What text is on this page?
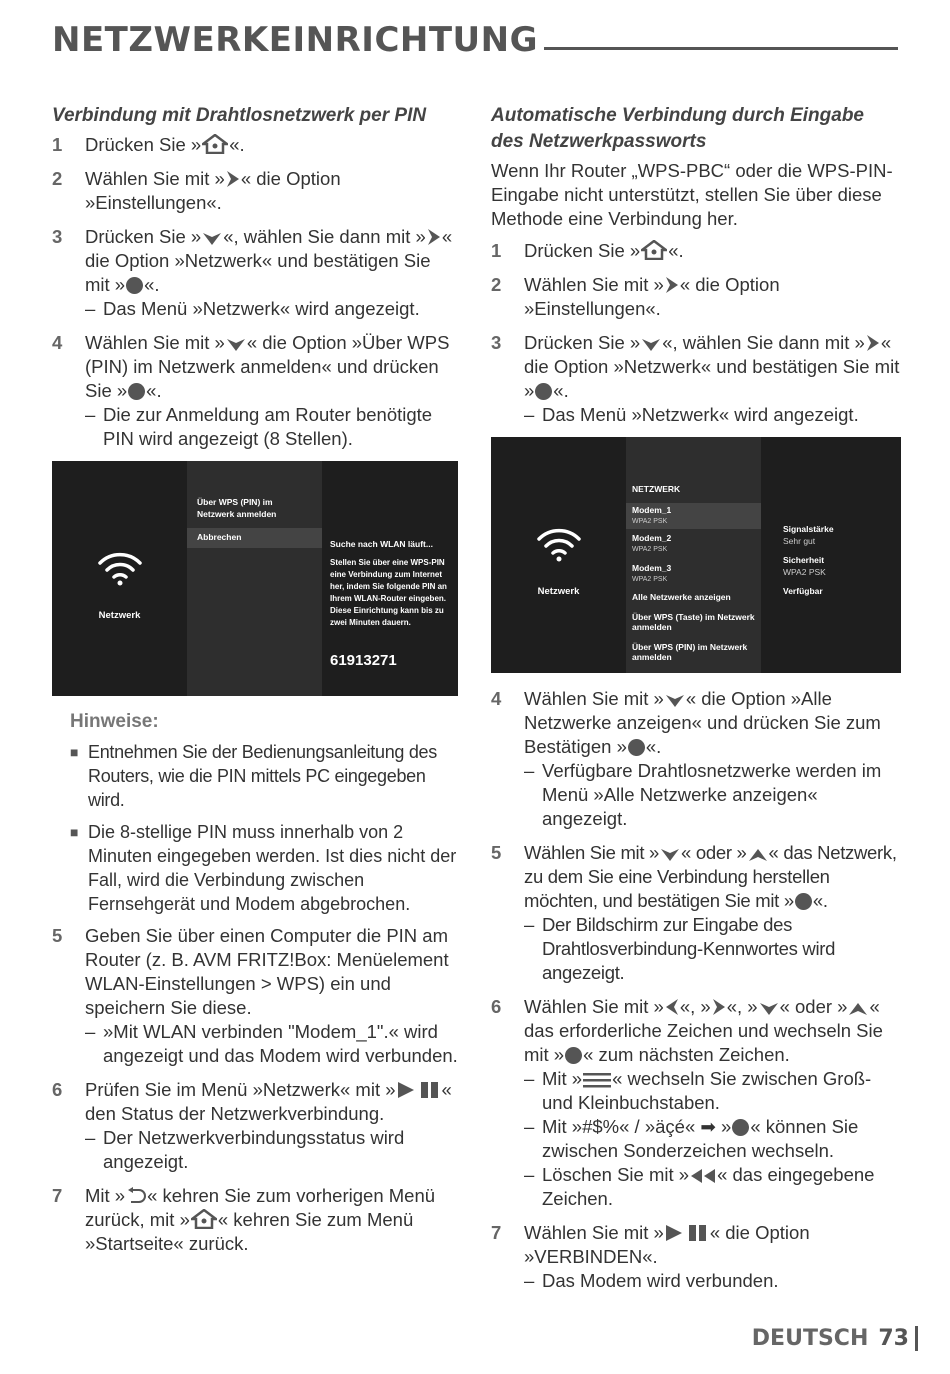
NETZWERKEINRICHTUNG
Verbindung mit Drahtlosnetzwerk per PIN
1 Drücken Sie » «.
2 Wählen Sie mit » « die Option »Einstellungen«.
3 Drücken Sie » «, wählen Sie dann mit » « die Option »Netzwerk« und bestätigen Sie mit » «.
– Das Menü »Netzwerk« wird angezeigt.
4 Wählen Sie mit » « die Option »Über WPS (PIN) im Netzwerk anmelden« und drücken Sie » «.
– Die zur Anmeldung am Router benötigte PIN wird angezeigt (8 Stellen).
Netzwerk
Über WPS (PIN) im Netzwerk anmelden
Abbrechen
Suche nach WLAN läuft...
Stellen Sie über eine WPS-PIN eine Verbindung zum Internet her, indem Sie folgende PIN an Ihrem WLAN-Router eingeben. Diese Einrichtung kann bis zu zwei Minuten dauern.
61913271
Hinweise:
■ Entnehmen Sie der Bedienungsanleitung des Routers, wie die PIN mittels PC eingegeben wird.
■ Die 8-stellige PIN muss innerhalb von 2 Minuten eingegeben werden. Ist dies nicht der Fall, wird die Verbindung zwischen Fernsehgerät und Modem abgebrochen.
5 Geben Sie über einen Computer die PIN am Router (z. B. AVM FRITZ!Box: Menüelement WLAN-Einstellungen > WPS) ein und speichern Sie diese.
– »Mit WLAN verbinden "Modem_1".« wird angezeigt und das Modem wird verbunden.
6 Prüfen Sie im Menü »Netzwerk« mit » « den Status der Netzwerkverbindung.
– Der Netzwerkverbindungsstatus wird angezeigt.
7 Mit » « kehren Sie zum vorherigen Menü zurück, mit » « kehren Sie zum Menü »Startseite« zurück.
Automatische Verbindung durch Eingabe des Netzwerkpassworts

Wenn Ihr Router „WPS-PBC“ oder die WPS-PIN-Eingabe nicht unterstützt, stellen Sie über diese Methode eine Verbindung her.

1 Drücken Sie » «.
2 Wählen Sie mit » « die Option »Einstellungen«.
3 Drücken Sie » «, wählen Sie dann mit » « die Option »Netzwerk« und bestätigen Sie mit » «.
– Das Menü »Netzwerk« wird angezeigt.
Netzwerk
NETZWERK
Modem_1
WPA2 PSK
Modem_2
WPA2 PSK
Modem_3
WPA2 PSK
Alle Netzwerke anzeigen
Über WPS (Taste) im Netzwerk anmelden
Über WPS (PIN) im Netzwerk anmelden
Signalstärke
Sehr gut
Sicherheit
WPA2 PSK
Verfügbar
4 Wählen Sie mit » « die Option »Alle Netzwerke anzeigen« und drücken Sie zum Bestätigen » «.
– Verfügbare Drahtlosnetzwerke werden im Menü »Alle Netzwerke anzeigen« angezeigt.
5 Wählen Sie mit » « oder » « das Netzwerk, zu dem Sie eine Verbindung herstellen möchten, und bestätigen Sie mit » «.
– Der Bildschirm zur Eingabe des Drahtlosverbindung-Kennwortes wird angezeigt.
6 Wählen Sie mit » «, » «, » « oder » « das erforderliche Zeichen und wechseln Sie mit » « zum nächsten Zeichen.
– Mit » « wechseln Sie zwischen Groß- und Kleinbuchstaben.
– Mit »#$%« / »äçé« ➡ » « können Sie zwischen Sonderzeichen wechseln.
– Löschen Sie mit » « das eingegebene Zeichen.
7 Wählen Sie mit » « die Option »VERBINDEN«.
– Das Modem wird verbunden.
DEUTSCH 73
